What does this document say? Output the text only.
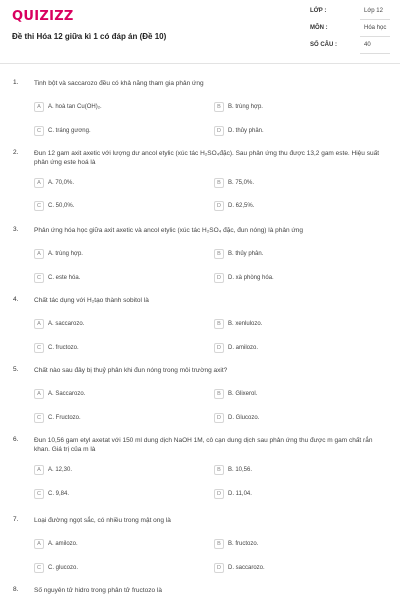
QUIZIZZ
Đề thi Hóa 12 giữa kì 1 có đáp án (Đề 10)
LỚP :	Lớp 12
MÔN :	Hóa học
SỐ CÂU :	40
1. Tinh bột và saccarozo đều có khả năng tham gia phản ứng
A	A. hoà tan Cu(OH)₂.	B	B. trùng hợp.
C	C. tráng gương.	D	D. thủy phân.
2. Đun 12 gam axit axetic với lượng dư ancol etylic (xúc tác H₂SO₄đặc). Sau phản ứng thu được 13,2 gam este. Hiệu suất phản ứng este hoá là
A	A. 70,0%.	B	B. 75,0%.
C	C. 50,0%.	D	D. 62,5%.
3. Phản ứng hóa học giữa axit axetic và ancol etylic (xúc tác H₂SO₄ đặc, đun nóng) là phản ứng
A	A. trùng hợp.	B	B. thủy phân.
C	C. este hóa.	D	D. xà phòng hóa.
4. Chất tác dụng với H₂tạo thành sobitol là
A	A. saccarozo.	B	B. xenlulozo.
C	C. fructozo.	D	D. amilozo.
5. Chất nào sau đây bị thuỷ phân khi đun nóng trong môi trường axit?
A	A. Saccarozo.	B	B. Glixerol.
C	C. Fructozo.	D	D. Glucozo.
6. Đun 10,56 gam etyl axetat với 150 ml dung dịch NaOH 1M, cô cạn dung dịch sau phản ứng thu được m gam chất rắn khan. Giá trị của m là
A	A. 12,30.	B	B. 10,56.
C	C. 9,84.	D	D. 11,04.
7. Loại đường ngọt sắc, có nhiều trong mật ong là
A	A. amilozo.	B	B. fructozo.
C	C. glucozo.	D	D. saccarozo.
8. Số nguyên tử hidro trong phân tử fructozo là
